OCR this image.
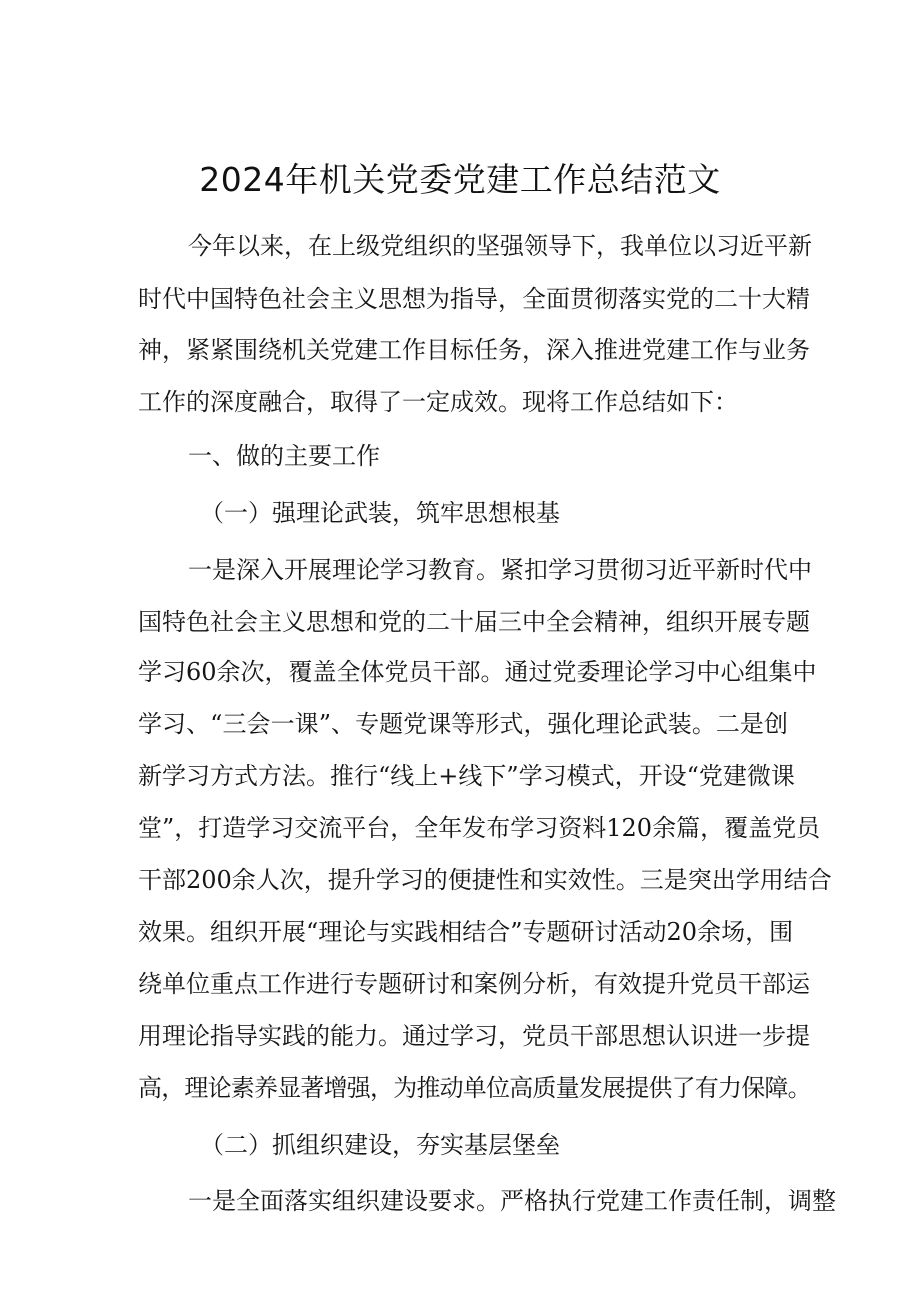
2024年机关党委党建工作总结范文
今年以来，在上级党组织的坚强领导下，我单位以习近平新
时代中国特色社会主义思想为指导，全面贯彻落实党的二十大精
神，紧紧围绕机关党建工作目标任务，深入推进党建工作与业务
工作的深度融合，取得了一定成效。现将工作总结如下：
一、做的主要工作
（一）强理论武装，筑牢思想根基
一是深入开展理论学习教育。紧扣学习贯彻习近平新时代中
国特色社会主义思想和党的二十届三中全会精神，组织开展专题
学习60余次，覆盖全体党员干部。通过党委理论学习中心组集中
学习、“三会一课”、专题党课等形式，强化理论武装。二是创
新学习方式方法。推行“线上+线下”学习模式，开设“党建微课
堂”，打造学习交流平台，全年发布学习资料120余篇，覆盖党员
干部200余人次，提升学习的便捷性和实效性。三是突出学用结合
效果。组织开展“理论与实践相结合”专题研讨活动20余场，围
绕单位重点工作进行专题研讨和案例分析，有效提升党员干部运
用理论指导实践的能力。通过学习，党员干部思想认识进一步提
高，理论素养显著增强，为推动单位高质量发展提供了有力保障。
（二）抓组织建设，夯实基层堡垒
一是全面落实组织建设要求。严格执行党建工作责任制，调整
